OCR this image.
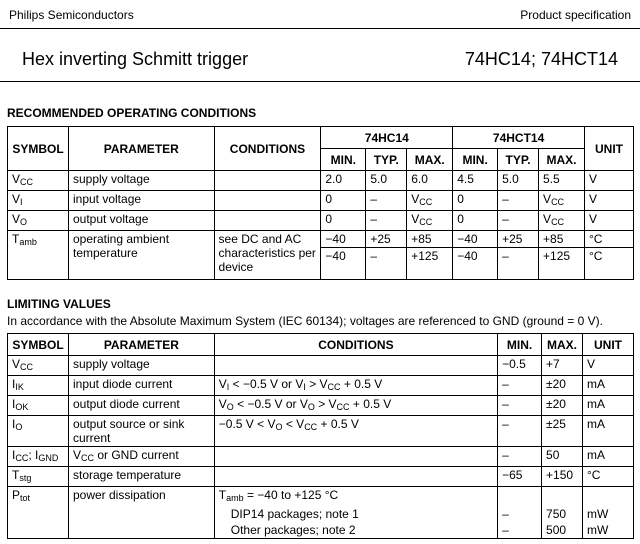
Philips Semiconductors	Product specification
Hex inverting Schmitt trigger	74HC14; 74HCT14
RECOMMENDED OPERATING CONDITIONS
SYMBOL	PARAMETER	CONDITIONS	74HC14			74HCT14			UNIT
			MIN.	TYP.	MAX.	MIN.	TYP.	MAX.	
$V_{CC}$	supply voltage		2.0	5.0	6.0	4.5	5.0	5.5	V
$V_I$	input voltage		0	–	$V_{CC}$	0	–	$V_{CC}$	V
$V_O$	output voltage		0	–	$V_{CC}$	0	–	$V_{CC}$	V
$T_{amb}$	operating ambient temperature	see DC and AC characteristics per device	−40	+25	+85	−40	+25	+85	°C
			−40	–	+125	−40	–	+125	°C
LIMITING VALUES
In accordance with the Absolute Maximum System (IEC 60134); voltages are referenced to GND (ground = 0 V).
SYMBOL	PARAMETER	CONDITIONS	MIN.	MAX.	UNIT
$V_{CC}$	supply voltage		−0.5	+7	V
$I_{IK}$	input diode current	$V_I < -0.5$ V or $V_I > V_{CC} + 0.5$ V	–	±20	mA
$I_{OK}$	output diode current	$V_O < -0.5$ V or $V_O > V_{CC} + 0.5$ V	–	±20	mA
$I_O$	output source or sink current	−0.5 $V < V_O < V_{CC} + 0.5$ V	–	±25	mA
$I_{CC}$; $I_{GND}$	$V_{CC}$ or GND current		–	50	mA
$T_{stg}$	storage temperature		−65	+150	°C
$P_{tot}$	power dissipation	$T_{amb} = -40$ to +125 °C			
		DIP14 packages; note 1	–	750	mW
		Other packages; note 2	–	500	mW
